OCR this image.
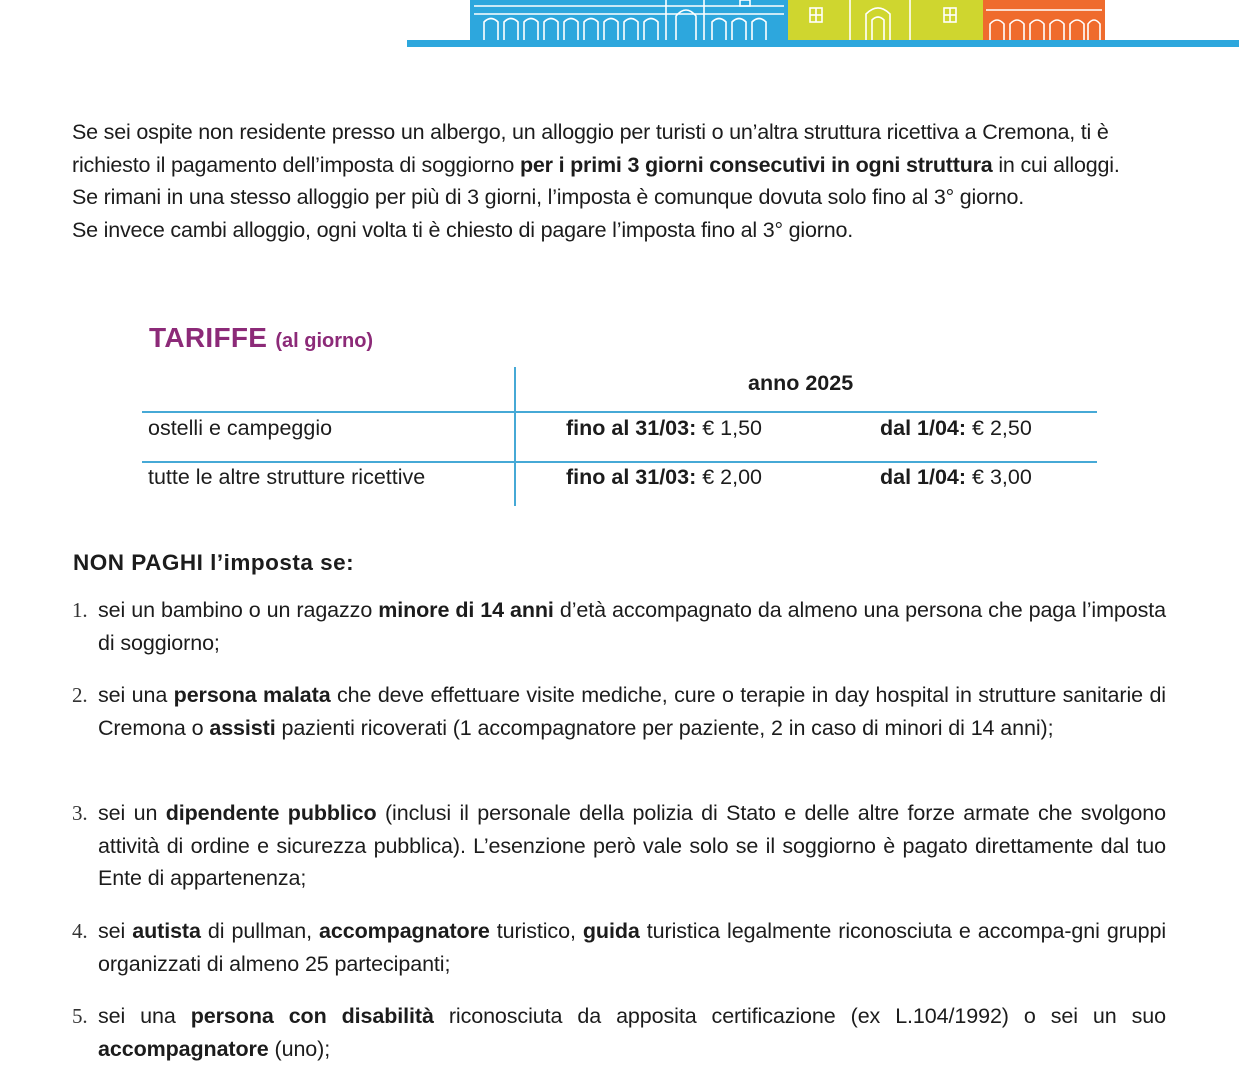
Se sei ospite non residente presso un albergo, un alloggio per turisti o un’altra struttura ricettiva a Cremona, ti è richiesto il pagamento dell’imposta di soggiorno per i primi 3 giorni consecutivi in ogni struttura in cui alloggi.

Se rimani in una stesso alloggio per più di 3 giorni, l’imposta è comunque dovuta solo fino al 3° giorno.

Se invece cambi alloggio, ogni volta ti è chiesto di pagare l’imposta fino al 3° giorno.

TARIFFE (al giorno)
anno 2025
ostelli e campeggio	fino al 31/03: € 1,50	dal 1/04: € 2,50
tutte le altre strutture ricettive	fino al 31/03: € 2,00	dal 1/04: € 3,00
NON PAGHI l’imposta se:
1. sei un bambino o un ragazzo minore di 14 anni d’età accompagnato da almeno una persona che paga l’imposta di soggiorno;
2. sei una persona malata che deve effettuare visite mediche, cure o terapie in day hospital in strutture sanitarie di Cremona o assisti pazienti ricoverati (1 accompagnatore per paziente, 2 in caso di minori di 14 anni);
3. sei un dipendente pubblico (inclusi il personale della polizia di Stato e delle altre forze armate che svolgono attività di ordine e sicurezza pubblica). L’esenzione però vale solo se il soggiorno è pagato direttamente dal tuo Ente di appartenenza;
4. sei autista di pullman, accompagnatore turistico, guida turistica legalmente riconosciuta e accompa-gni gruppi organizzati di almeno 25 partecipanti;
5. sei una persona con disabilità riconosciuta da apposita certificazione (ex L.104/1992) o sei un suo accompagnatore (uno);
